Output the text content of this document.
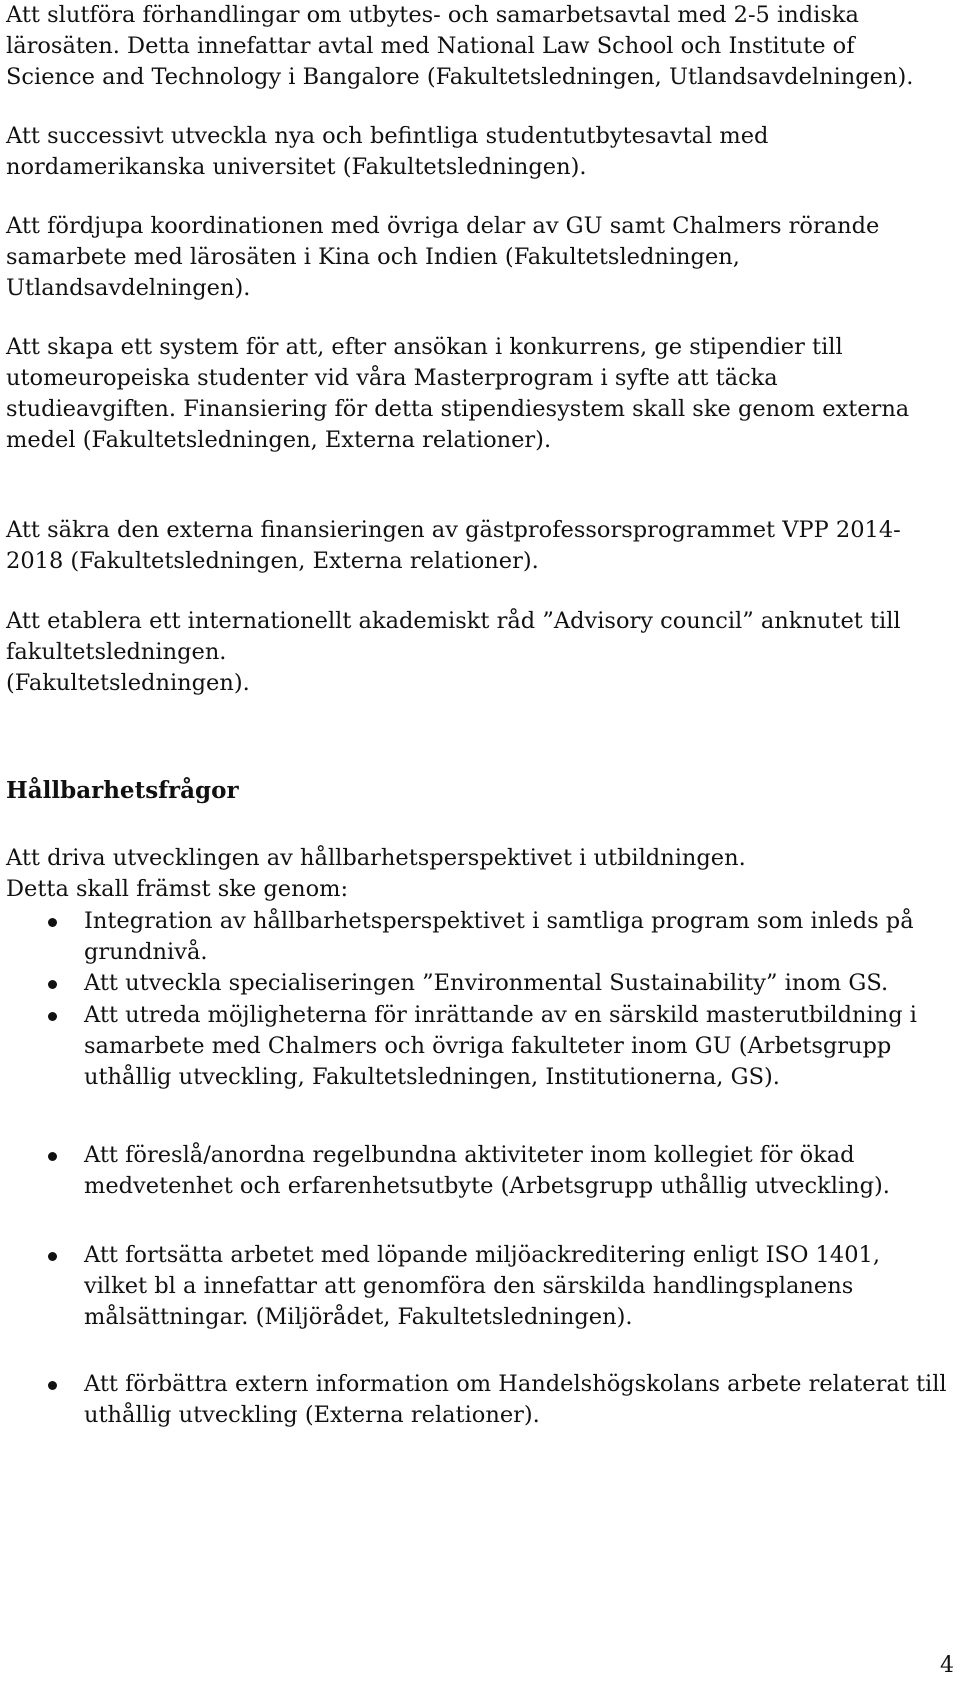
Att slutföra förhandlingar om utbytes- och samarbetsavtal med 2-5 indiska
lärosäten. Detta innefattar avtal med National Law School och Institute of
Science and Technology i Bangalore (Fakultetsledningen, Utlandsavdelningen).
Att successivt utveckla nya och befintliga studentutbytesavtal med
nordamerikanska universitet (Fakultetsledningen).
Att fördjupa koordinationen med övriga delar av GU samt Chalmers rörande
samarbete med lärosäten i Kina och Indien (Fakultetsledningen,
Utlandsavdelningen).
Att skapa ett system för att, efter ansökan i konkurrens, ge stipendier till
utomeuropeiska studenter vid våra Masterprogram i syfte att täcka
studieavgiften. Finansiering för detta stipendiesystem skall ske genom externa
medel (Fakultetsledningen, Externa relationer).
Att säkra den externa finansieringen av gästprofessorsprogrammet VPP 2014-
2018 (Fakultetsledningen, Externa relationer).
Att etablera ett internationellt akademiskt råd ”Advisory council” anknutet till
fakultetsledningen.
(Fakultetsledningen).
Hållbarhetsfrågor
Att driva utvecklingen av hållbarhetsperspektivet i utbildningen.
Detta skall främst ske genom:
Integration av hållbarhetsperspektivet i samtliga program som inleds på
grundnivå.
Att utveckla specialiseringen ”Environmental Sustainability” inom GS.
Att utreda möjligheterna för inrättande av en särskild masterutbildning i
samarbete med Chalmers och övriga fakulteter inom GU (Arbetsgrupp
uthållig utveckling, Fakultetsledningen, Institutionerna, GS).
Att föreslå/anordna regelbundna aktiviteter inom kollegiet för ökad
medvetenhet och erfarenhetsutbyte (Arbetsgrupp uthållig utveckling).
Att fortsätta arbetet med löpande miljöackreditering enligt ISO 1401,
vilket bl a innefattar att genomföra den särskilda handlingsplanens
målsättningar. (Miljörådet, Fakultetsledningen).
Att förbättra extern information om Handelshögskolans arbete relaterat till
uthållig utveckling (Externa relationer).
4
